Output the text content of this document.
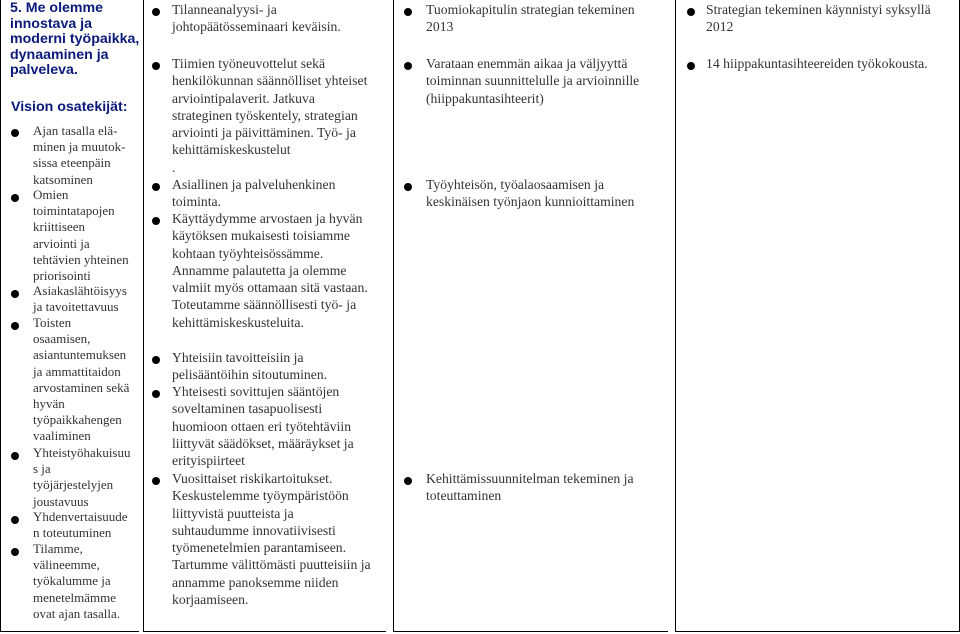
5. Me olemme
innostava ja
moderni työpaikka,
dynaaminen ja
palveleva.
Vision osatekijät:
Ajan tasalla elä-
minen ja muutok-
sissa eteenpäin
katsominen
Omien
toimintatapojen
kriittiseen
arviointi ja
tehtävien yhteinen
priorisointi
Asiakaslähtöisyys
ja tavoitettavuus
Toisten
osaamisen,
asiantuntemuksen
ja ammattitaidon
arvostaminen sekä
hyvän
työpaikkahengen
vaaliminen
Yhteistyöhakuisuu
s ja
työjärjestelyjen
joustavuus
Yhdenvertaisuude
n toteutuminen
Tilamme,
välineemme,
työkalumme ja
menetelmämme
ovat ajan tasalla.
Tilanneanalyysi- ja
johtopäätösseminaari keväisin.
Tiimien työneuvottelut sekä
henkilökunnan säännölliset yhteiset
arviointipalaverit. Jatkuva
strateginen työskentely, strategian
arviointi ja päivittäminen. Työ- ja
kehittämiskeskustelut
.
Asiallinen ja palveluhenkinen
toiminta.
Käyttäydymme arvostaen ja hyvän
käytöksen mukaisesti toisiamme
kohtaan työyhteisössämme.
Annamme palautetta ja olemme
valmiit myös ottamaan sitä vastaan.
Toteutamme säännöllisesti työ- ja
kehittämiskeskusteluita.
Yhteisiin tavoitteisiin ja
pelisääntöihin sitoutuminen.
Yhteisesti sovittujen sääntöjen
soveltaminen tasapuolisesti
huomioon ottaen eri työtehtäviin
liittyvät säädökset, määräykset ja
erityispiirteet
Vuosittaiset riskikartoitukset.
Keskustelemme työympäristöön
liittyvistä puutteista ja
suhtaudumme innovatiivisesti
työmenetelmien parantamiseen.
Tartumme välittömästi puutteisiin ja
annamme panoksemme niiden
korjaamiseen.
Tuomiokapitulin strategian tekeminen
2013
Varataan enemmän aikaa ja väljyyttä
toiminnan suunnittelulle ja arvioinnille
(hiippakuntasihteerit)
Työyhteisön, työalaosaamisen ja
keskinäisen työnjaon kunnioittaminen
Kehittämissuunnitelman tekeminen ja
toteuttaminen
Strategian tekeminen käynnistyi syksyllä
2012
14 hiippakuntasihteereiden työkokousta.
